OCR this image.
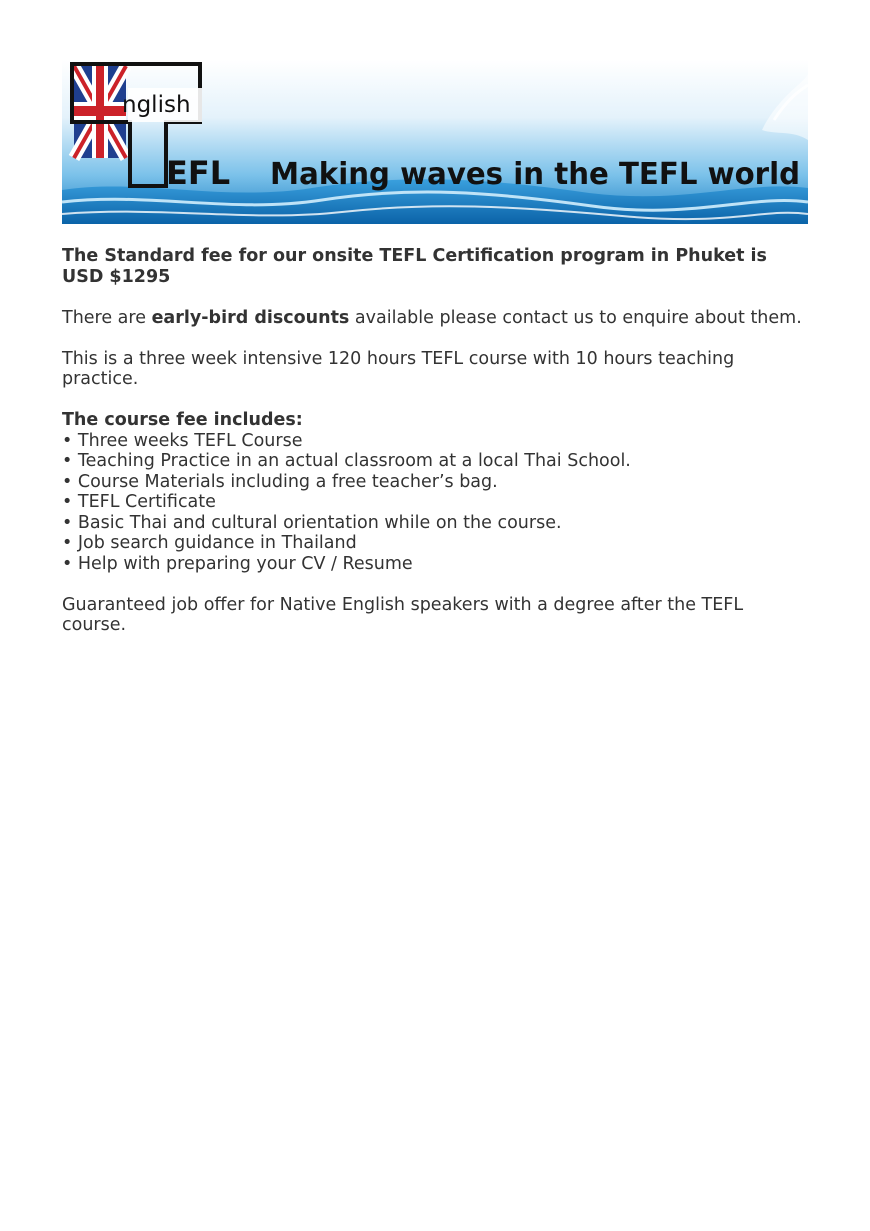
nglish
EFL Making waves in the TEFL world

The Standard fee for our onsite TEFL Certification program in Phuket is USD $1295

There are early-bird discounts available please contact us to enquire about them.

This is a three week intensive 120 hours TEFL course with 10 hours teaching practice.

The course fee includes:

• Three weeks TEFL Course
• Teaching Practice in an actual classroom at a local Thai School.
• Course Materials including a free teacher’s bag.
• TEFL Certificate
• Basic Thai and cultural orientation while on the course.
• Job search guidance in Thailand
• Help with preparing your CV / Resume

Guaranteed job offer for Native English speakers with a degree after the TEFL course.
